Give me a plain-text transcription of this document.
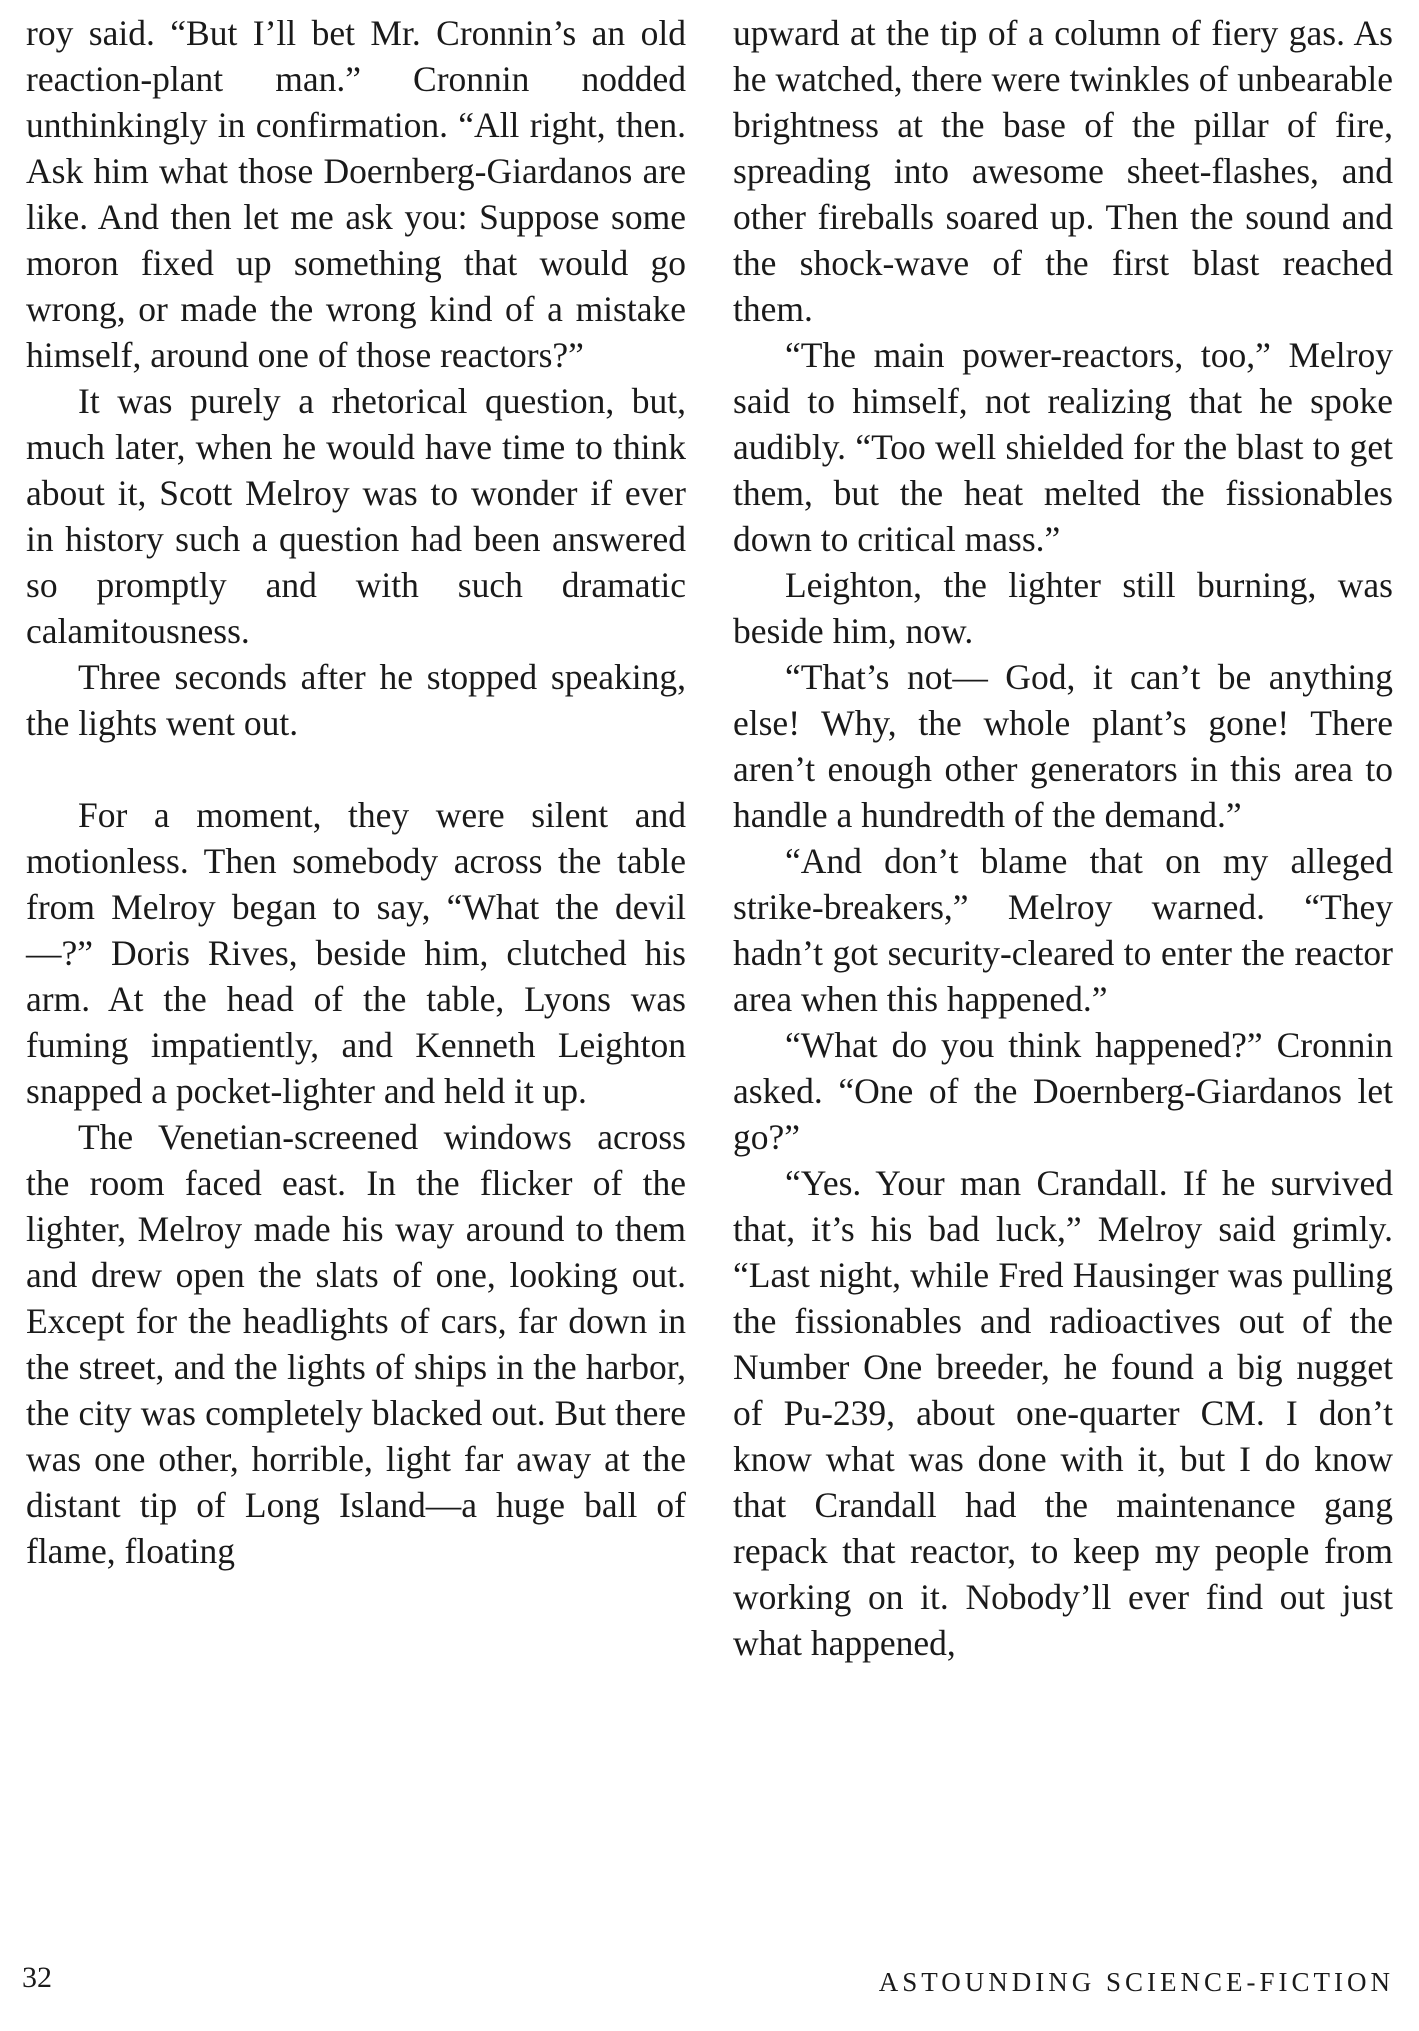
roy said. “But I’ll bet Mr. Cronnin’s an old reaction-plant man.” Cronnin nodded unthinkingly in confirmation. “All right, then. Ask him what those Doernberg-Giardanos are like. And then let me ask you: Suppose some moron fixed up something that would go wrong, or made the wrong kind of a mistake himself, around one of those reactors?”

It was purely a rhetorical question, but, much later, when he would have time to think about it, Scott Melroy was to wonder if ever in history such a question had been answered so promptly and with such dramatic calamitousness.

Three seconds after he stopped speaking, the lights went out.

For a moment, they were silent and motionless. Then somebody across the table from Melroy began to say, “What the devil—?” Doris Rives, beside him, clutched his arm. At the head of the table, Lyons was fuming impatiently, and Kenneth Leighton snapped a pocket-lighter and held it up.

The Venetian-screened windows across the room faced east. In the flicker of the lighter, Melroy made his way around to them and drew open the slats of one, looking out. Except for the headlights of cars, far down in the street, and the lights of ships in the harbor, the city was completely blacked out. But there was one other, horrible, light far away at the distant tip of Long Island—a huge ball of flame, floating

upward at the tip of a column of fiery gas. As he watched, there were twinkles of unbearable brightness at the base of the pillar of fire, spreading into awesome sheet-flashes, and other fireballs soared up. Then the sound and the shock-wave of the first blast reached them.

“The main power-reactors, too,” Melroy said to himself, not realizing that he spoke audibly. “Too well shielded for the blast to get them, but the heat melted the fissionables down to critical mass.”

Leighton, the lighter still burning, was beside him, now.

“That’s not— God, it can’t be anything else! Why, the whole plant’s gone! There aren’t enough other generators in this area to handle a hundredth of the demand.”

“And don’t blame that on my alleged strike-breakers,” Melroy warned. “They hadn’t got security-cleared to enter the reactor area when this happened.”

“What do you think happened?” Cronnin asked. “One of the Doernberg-Giardanos let go?”

“Yes. Your man Crandall. If he survived that, it’s his bad luck,” Melroy said grimly. “Last night, while Fred Hausinger was pulling the fissionables and radioactives out of the Number One breeder, he found a big nugget of Pu-239, about one-quarter CM. I don’t know what was done with it, but I do know that Crandall had the maintenance gang repack that reactor, to keep my people from working on it. Nobody’ll ever find out just what happened,

32	ASTOUNDING SCIENCE-FICTION
